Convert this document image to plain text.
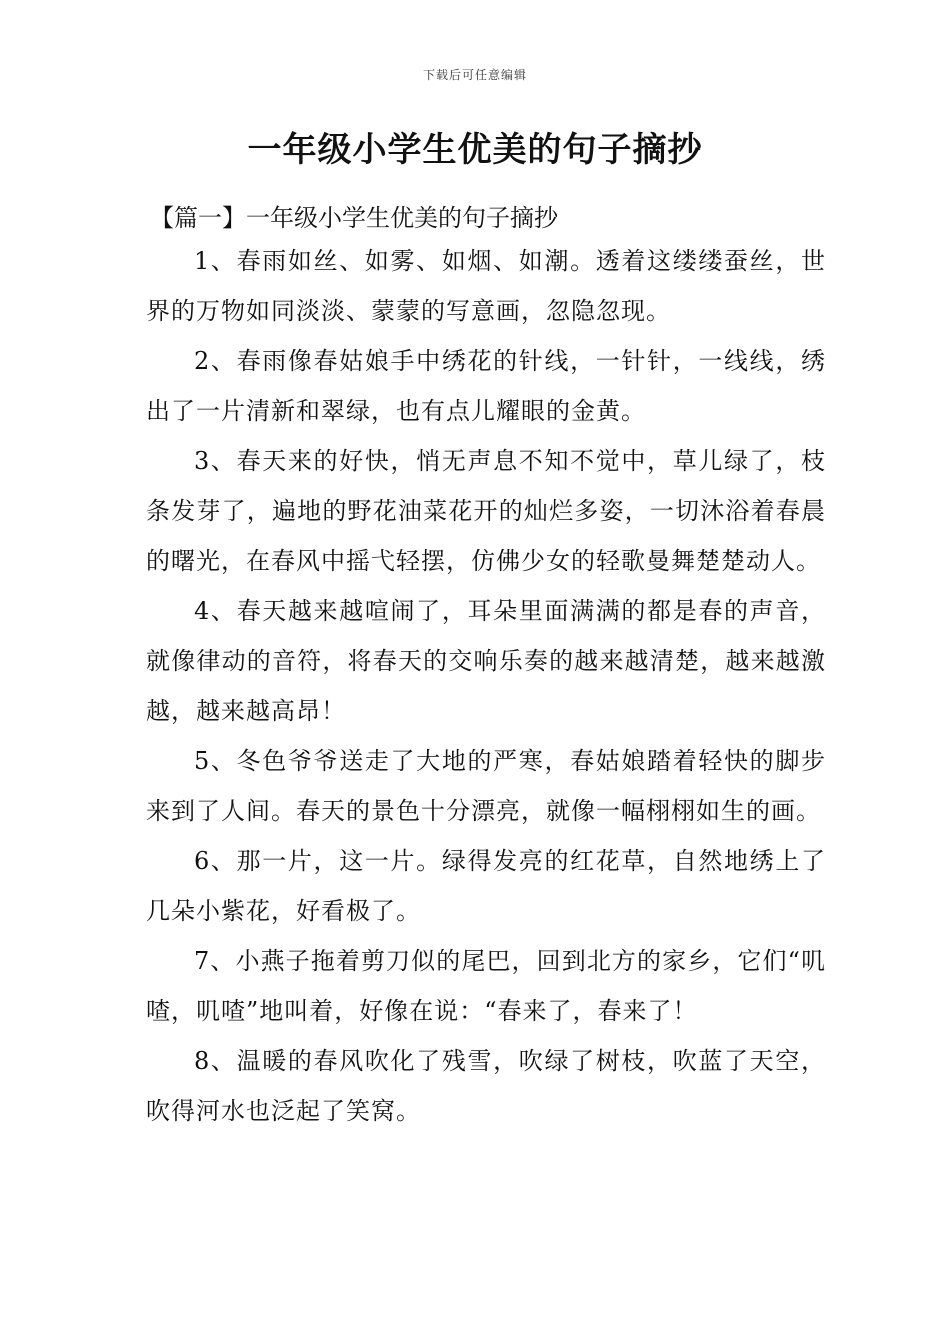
下载后可任意编辑
一年级小学生优美的句子摘抄
【篇一】一年级小学生优美的句子摘抄

1、春雨如丝、如雾、如烟、如潮。透着这缕缕蚕丝，世界的万物如同淡淡、蒙蒙的写意画，忽隐忽现。

2、春雨像春姑娘手中绣花的针线，一针针，一线线，绣出了一片清新和翠绿，也有点儿耀眼的金黄。

3、春天来的好快，悄无声息不知不觉中，草儿绿了，枝条发芽了，遍地的野花油菜花开的灿烂多姿，一切沐浴着春晨的曙光，在春风中摇弋轻摆，仿佛少女的轻歌曼舞楚楚动人。

4、春天越来越喧闹了，耳朵里面满满的都是春的声音，就像律动的音符，将春天的交响乐奏的越来越清楚，越来越激越，越来越高昂！

5、冬色爷爷送走了大地的严寒，春姑娘踏着轻快的脚步来到了人间。春天的景色十分漂亮，就像一幅栩栩如生的画。

6、那一片，这一片。绿得发亮的红花草，自然地绣上了几朵小紫花，好看极了。

7、小燕子拖着剪刀似的尾巴，回到北方的家乡，它们“叽喳，叽喳”地叫着，好像在说：“春来了，春来了！

8、温暖的春风吹化了残雪，吹绿了树枝，吹蓝了天空，吹得河水也泛起了笑窝。
